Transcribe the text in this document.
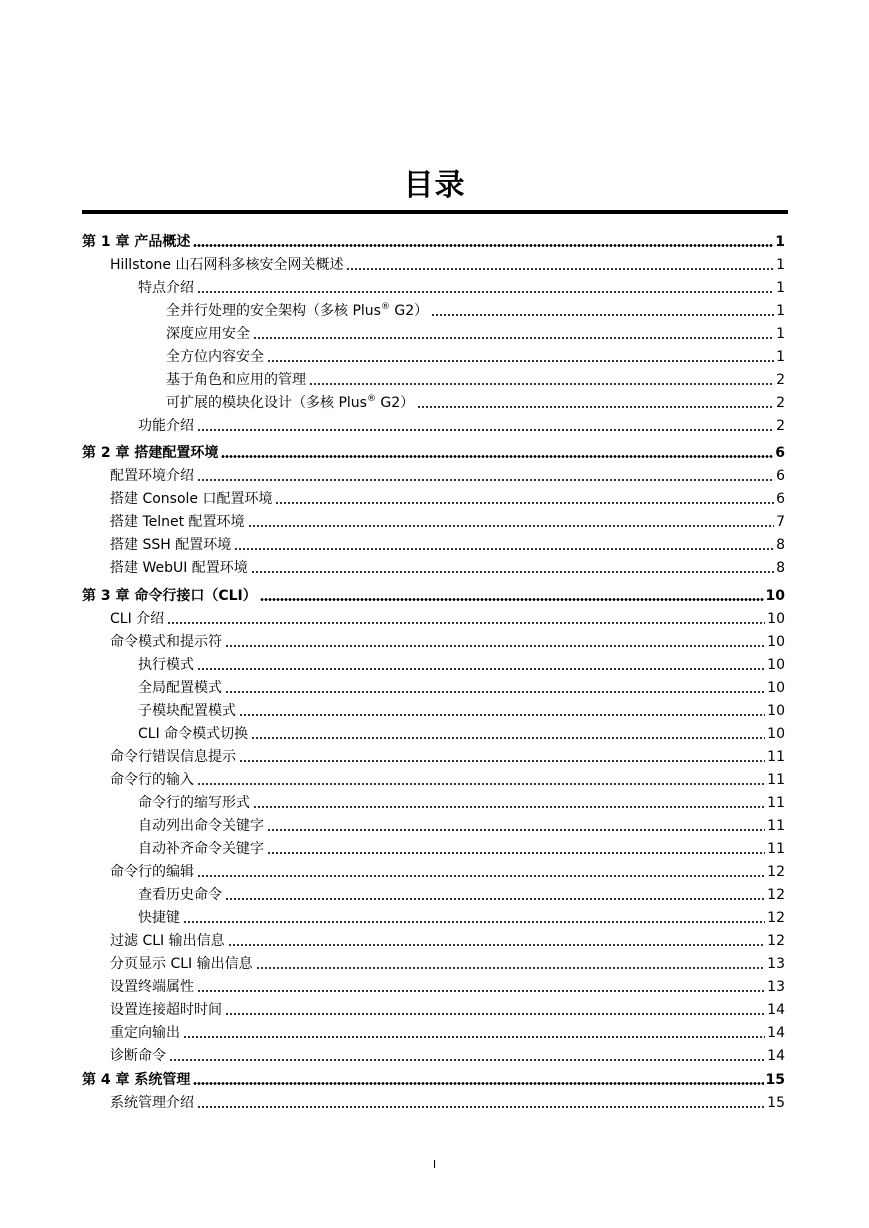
目录
第 1 章 产品概述	1
Hillstone 山石网科多核安全网关概述	1
特点介绍	1
全并行处理的安全架构（多核 Plus® G2）	1
深度应用安全	1
全方位内容安全	1
基于角色和应用的管理	2
可扩展的模块化设计（多核 Plus® G2）	2
功能介绍	2
第 2 章 搭建配置环境	6
配置环境介绍	6
搭建 Console 口配置环境	6
搭建 Telnet 配置环境	7
搭建 SSH 配置环境	8
搭建 WebUI 配置环境	8
第 3 章 命令行接口（CLI）	10
CLI 介绍	10
命令模式和提示符	10
执行模式	10
全局配置模式	10
子模块配置模式	10
CLI 命令模式切换	10
命令行错误信息提示	11
命令行的输入	11
命令行的缩写形式	11
自动列出命令关键字	11
自动补齐命令关键字	11
命令行的编辑	12
查看历史命令	12
快捷键	12
过滤 CLI 输出信息	12
分页显示 CLI 输出信息	13
设置终端属性	13
设置连接超时时间	14
重定向输出	14
诊断命令	14
第 4 章 系统管理	15
系统管理介绍	15
I
